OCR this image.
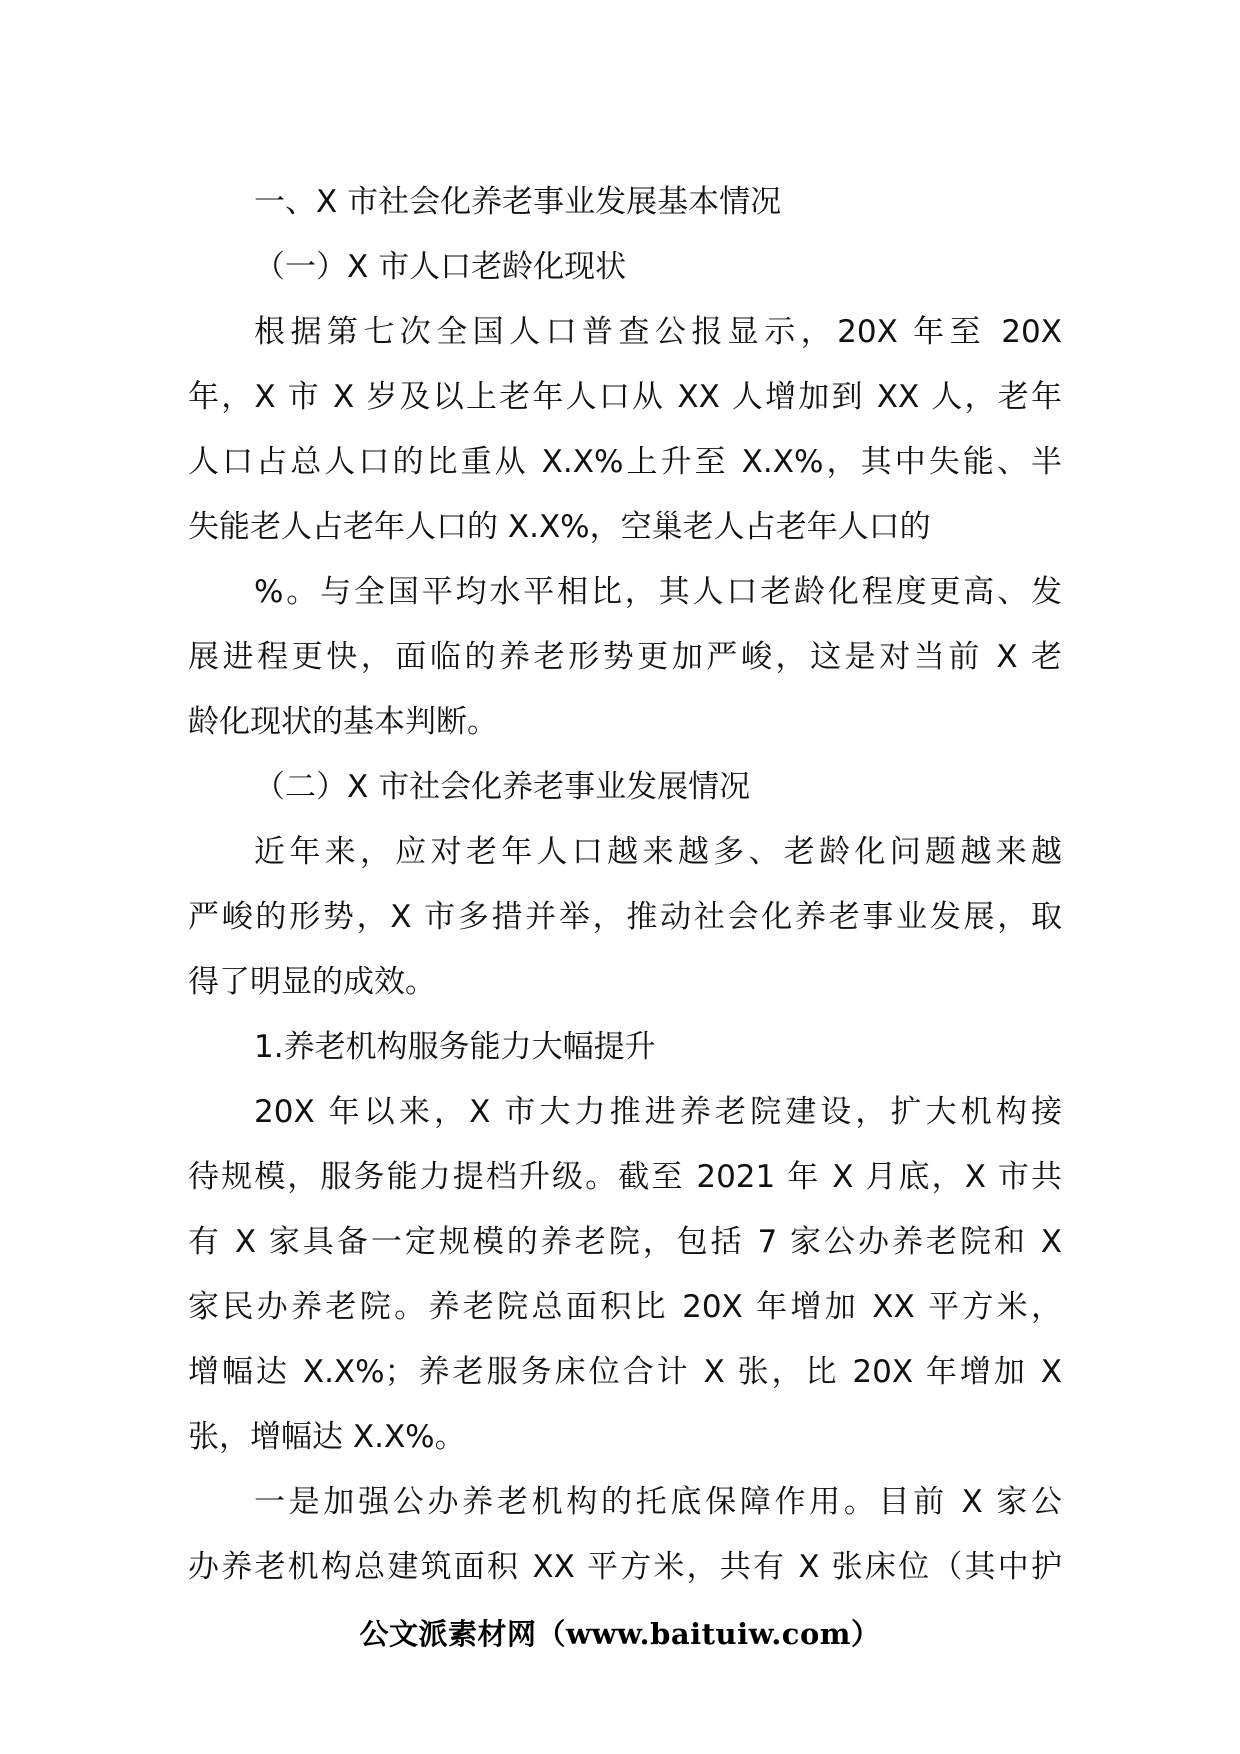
一、X 市社会化养老事业发展基本情况
（一）X 市人口老龄化现状
根据第七次全国人口普查公报显示，20X 年至 20X
年，X 市 X 岁及以上老年人口从 XX 人增加到 XX 人，老年
人口占总人口的比重从 X.X%上升至 X.X%，其中失能、半
失能老人占老年人口的 X.X%，空巢老人占老年人口的
%。与全国平均水平相比，其人口老龄化程度更高、发
展进程更快，面临的养老形势更加严峻，这是对当前 X 老
龄化现状的基本判断。
（二）X 市社会化养老事业发展情况
近年来，应对老年人口越来越多、老龄化问题越来越
严峻的形势，X 市多措并举，推动社会化养老事业发展，取
得了明显的成效。
1.养老机构服务能力大幅提升
20X 年以来，X 市大力推进养老院建设，扩大机构接
待规模，服务能力提档升级。截至 2021 年 X 月底，X 市共
有 X 家具备一定规模的养老院，包括 7 家公办养老院和 X
家民办养老院。养老院总面积比 20X 年增加 XX 平方米，
增幅达 X.X%；养老服务床位合计 X 张，比 20X 年增加 X
张，增幅达 X.X%。
一是加强公办养老机构的托底保障作用。目前 X 家公
办养老机构总建筑面积 XX 平方米，共有 X 张床位（其中护
公文派素材网（www.baituiw.com）
